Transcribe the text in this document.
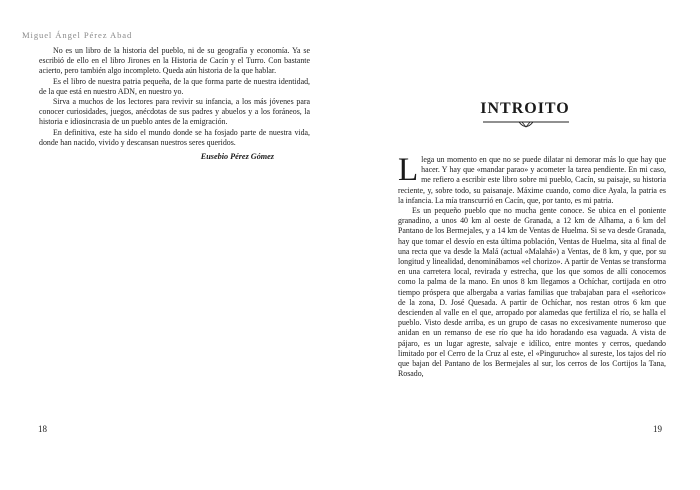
Miguel Ángel Pérez Abad

No es un libro de la historia del pueblo, ni de su geografía y economía. Ya se escribió de ello en el libro Jirones en la Historia de Cacín y el Turro. Con bastante acierto, pero también algo incompleto. Queda aún historia de la que hablar.

Es el libro de nuestra patria pequeña, de la que forma parte de nuestra identidad, de la que está en nuestro ADN, en nuestro yo.

Sirva a muchos de los lectores para revivir su infancia, a los más jóvenes para conocer curiosidades, juegos, anécdotas de sus padres y abuelos y a los foráneos, la historia e idiosincrasia de un pueblo antes de la emigración.

En definitiva, este ha sido el mundo donde se ha fosjado parte de nuestra vida, donde han nacido, vivido y descansan nuestros seres queridos.

Eusebio Pérez Gómez
18
INTROITO

Llega un momento en que no se puede dilatar ni demorar más lo que hay que hacer. Y hay que «mandar parao» y acometer la tarea pendiente. En mi caso, me refiero a escribir este libro sobre mi pueblo, Cacín, su paisaje, su historia reciente, y, sobre todo, su paisanaje. Máxime cuando, como dice Ayala, la patria es la infancia. La mía transcurrió en Cacín, que, por tanto, es mi patria.

Es un pequeño pueblo que no mucha gente conoce. Se ubica en el poniente granadino, a unos 40 km al oeste de Granada, a 12 km de Alhama, a 6 km del Pantano de los Bermejales, y a 14 km de Ventas de Huelma. Si se va desde Granada, hay que tomar el desvío en esta última población, Ventas de Huelma, sita al final de una recta que va desde la Malá (actual «Malahá») a Ventas, de 8 km, y que, por su longitud y linealidad, denominábamos «el chorizo». A partir de Ventas se transforma en una carretera local, revirada y estrecha, que los que somos de allí conocemos como la palma de la mano. En unos 8 km llegamos a Ochíchar, cortijada en otro tiempo próspera que albergaba a varias familias que trabajaban para el «señorico» de la zona, D. José Quesada. A partir de Ochíchar, nos restan otros 6 km que descienden al valle en el que, arropado por alamedas que fertiliza el río, se halla el pueblo. Visto desde arriba, es un grupo de casas no excesivamente numeroso que anidan en un remanso de ese río que ha ido horadando esa vaguada. A vista de pájaro, es un lugar agreste, salvaje e idílico, entre montes y cerros, quedando limitado por el Cerro de la Cruz al este, el «Pingurucho» al sureste, los tajos del río que bajan del Pantano de los Bermejales al sur, los cerros de los Cortijos la Tana, Rosado,

19
